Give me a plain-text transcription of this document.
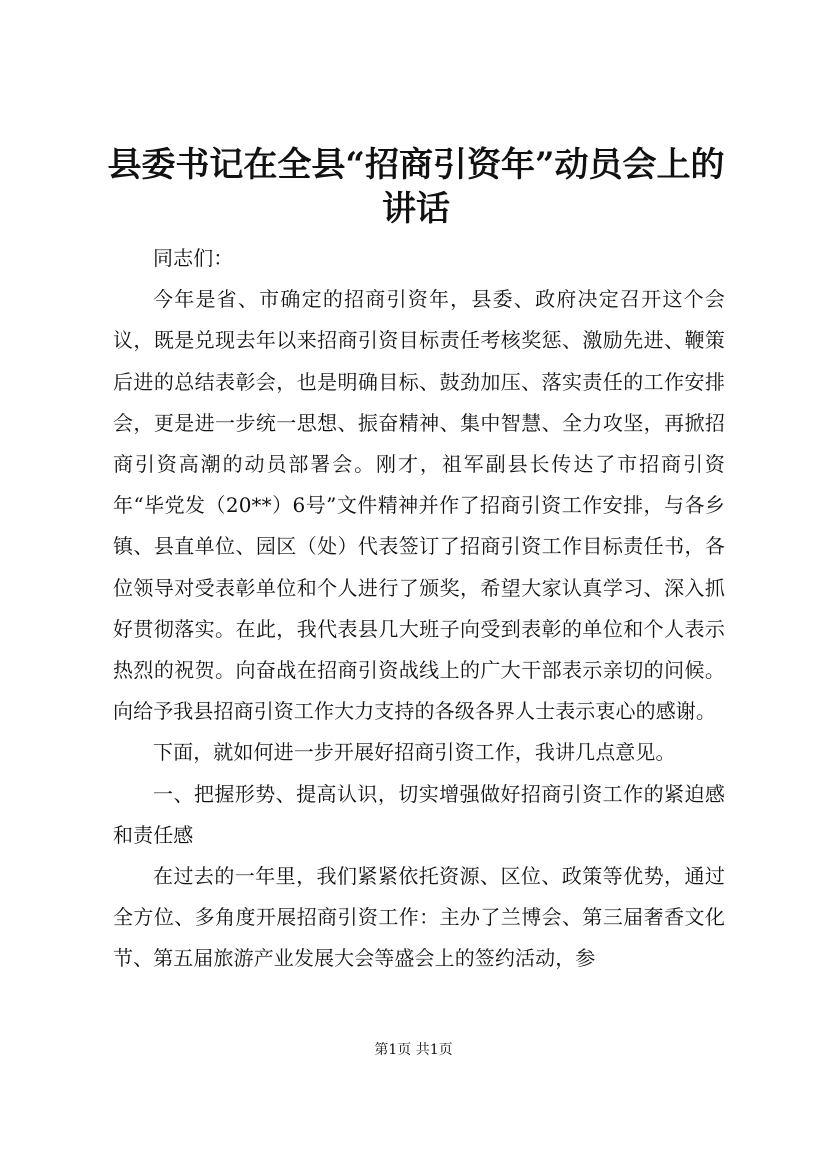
县委书记在全县“招商引资年”动员会上的讲话

同志们：

今年是省、市确定的招商引资年，县委、政府决定召开这个会议，既是兑现去年以来招商引资目标责任考核奖惩、激励先进、鞭策后进的总结表彰会，也是明确目标、鼓劲加压、落实责任的工作安排会，更是进一步统一思想、振奋精神、集中智慧、全力攻坚，再掀招商引资高潮的动员部署会。刚才，祖军副县长传达了市招商引资年“毕党发（20**）6号”文件精神并作了招商引资工作安排，与各乡镇、县直单位、园区（处）代表签订了招商引资工作目标责任书，各位领导对受表彰单位和个人进行了颁奖，希望大家认真学习、深入抓好贯彻落实。在此，我代表县几大班子向受到表彰的单位和个人表示热烈的祝贺。向奋战在招商引资战线上的广大干部表示亲切的问候。向给予我县招商引资工作大力支持的各级各界人士表示衷心的感谢。

下面，就如何进一步开展好招商引资工作，我讲几点意见。

一、把握形势、提高认识，切实增强做好招商引资工作的紧迫感和责任感

在过去的一年里，我们紧紧依托资源、区位、政策等优势，通过全方位、多角度开展招商引资工作：主办了兰博会、第三届奢香文化节、第五届旅游产业发展大会等盛会上的签约活动，参

第1页 共1页
